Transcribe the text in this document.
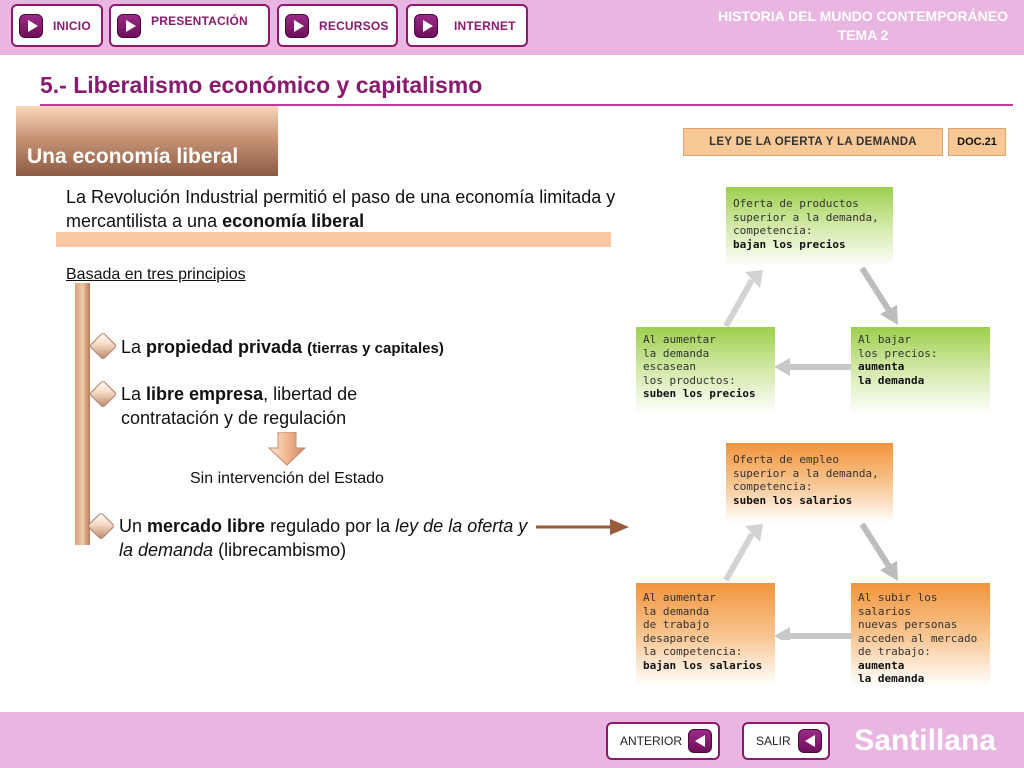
INICIO	PRESENTACIÓN	RECURSOS	INTERNET
HISTORIA DEL MUNDO CONTEMPORÁNEO
TEMA 2
5.- Liberalismo económico y capitalismo
Una economía liberal
La Revolución Industrial permitió el paso de una economía limitada y mercantilista a una economía liberal
Basada en tres principios
La propiedad privada (tierras y capitales)
La libre empresa, libertad de contratación y de regulación
Sin intervención del Estado
Un mercado libre regulado por la ley de la oferta y la demanda (librecambismo)
LEY DE LA OFERTA Y LA DEMANDA	DOC.21
Oferta de productos
superior a la demanda,
competencia:
bajan los precios
Al aumentar
la demanda
escasean
los productos:
suben los precios
Al bajar
los precios:
aumenta
la demanda
Oferta de empleo
superior a la demanda,
competencia:
suben los salarios
Al aumentar
la demanda
de trabajo
desaparece
la competencia:
bajan los salarios
Al subir los salarios
nuevas personas
acceden al mercado
de trabajo:
aumenta
la demanda
ANTERIOR	SALIR Santillana
